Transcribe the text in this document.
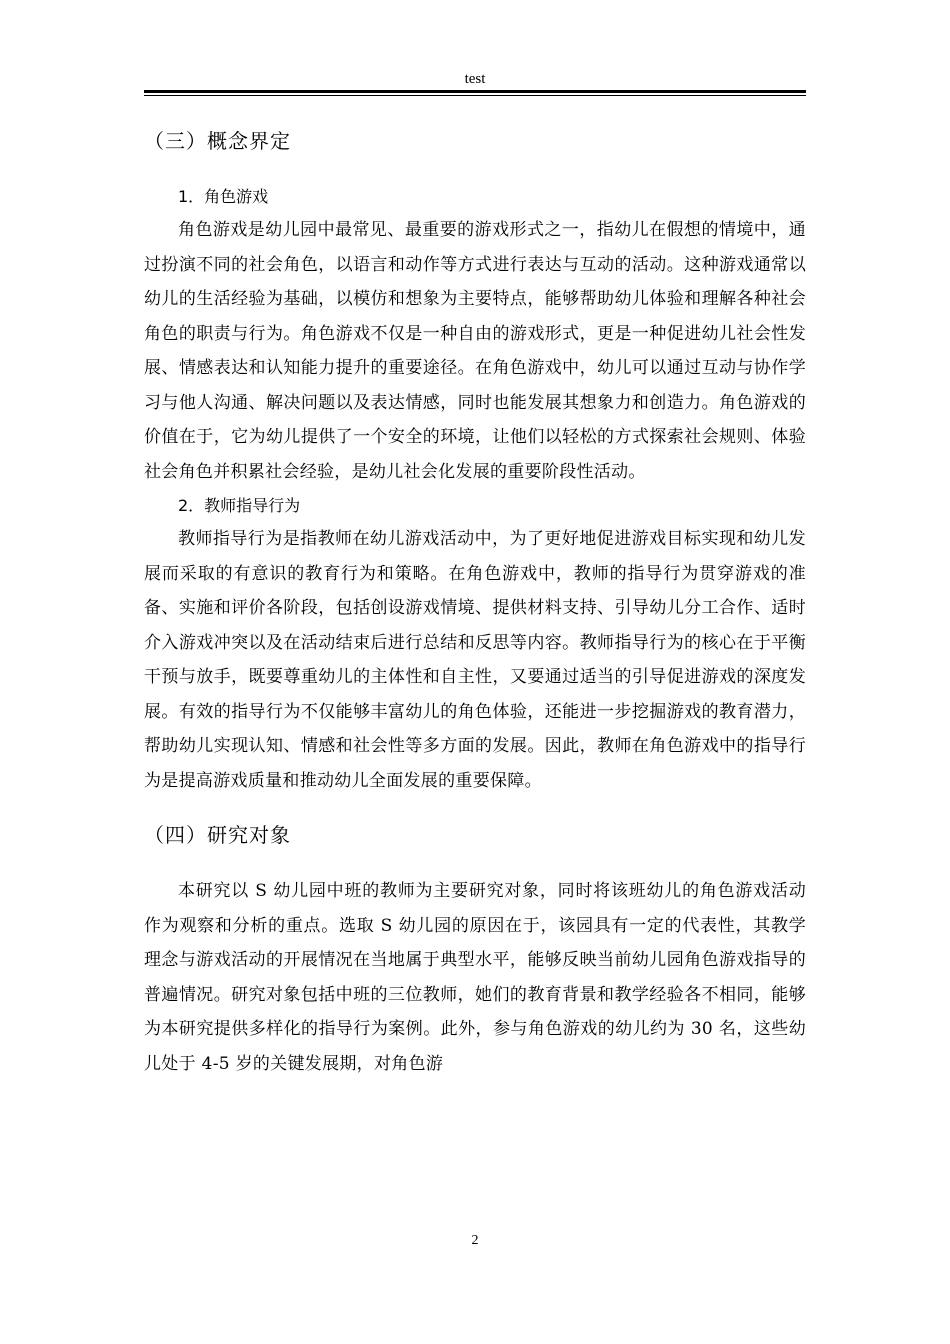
test
（三）概念界定
1．角色游戏

角色游戏是幼儿园中最常见、最重要的游戏形式之一，指幼儿在假想的情境中，通过扮演不同的社会角色，以语言和动作等方式进行表达与互动的活动。这种游戏通常以幼儿的生活经验为基础，以模仿和想象为主要特点，能够帮助幼儿体验和理解各种社会角色的职责与行为。角色游戏不仅是一种自由的游戏形式，更是一种促进幼儿社会性发展、情感表达和认知能力提升的重要途径。在角色游戏中，幼儿可以通过互动与协作学习与他人沟通、解决问题以及表达情感，同时也能发展其想象力和创造力。角色游戏的价值在于，它为幼儿提供了一个安全的环境，让他们以轻松的方式探索社会规则、体验社会角色并积累社会经验，是幼儿社会化发展的重要阶段性活动。

2．教师指导行为

教师指导行为是指教师在幼儿游戏活动中，为了更好地促进游戏目标实现和幼儿发展而采取的有意识的教育行为和策略。在角色游戏中，教师的指导行为贯穿游戏的准备、实施和评价各阶段，包括创设游戏情境、提供材料支持、引导幼儿分工合作、适时介入游戏冲突以及在活动结束后进行总结和反思等内容。教师指导行为的核心在于平衡干预与放手，既要尊重幼儿的主体性和自主性，又要通过适当的引导促进游戏的深度发展。有效的指导行为不仅能够丰富幼儿的角色体验，还能进一步挖掘游戏的教育潜力，帮助幼儿实现认知、情感和社会性等多方面的发展。因此，教师在角色游戏中的指导行为是提高游戏质量和推动幼儿全面发展的重要保障。

（四）研究对象

本研究以 S 幼儿园中班的教师为主要研究对象，同时将该班幼儿的角色游戏活动作为观察和分析的重点。选取 S 幼儿园的原因在于，该园具有一定的代表性，其教学理念与游戏活动的开展情况在当地属于典型水平，能够反映当前幼儿园角色游戏指导的普遍情况。研究对象包括中班的三位教师，她们的教育背景和教学经验各不相同，能够为本研究提供多样化的指导行为案例。此外，参与角色游戏的幼儿约为 30 名，这些幼儿处于 4-5 岁的关键发展期，对角色游

2
